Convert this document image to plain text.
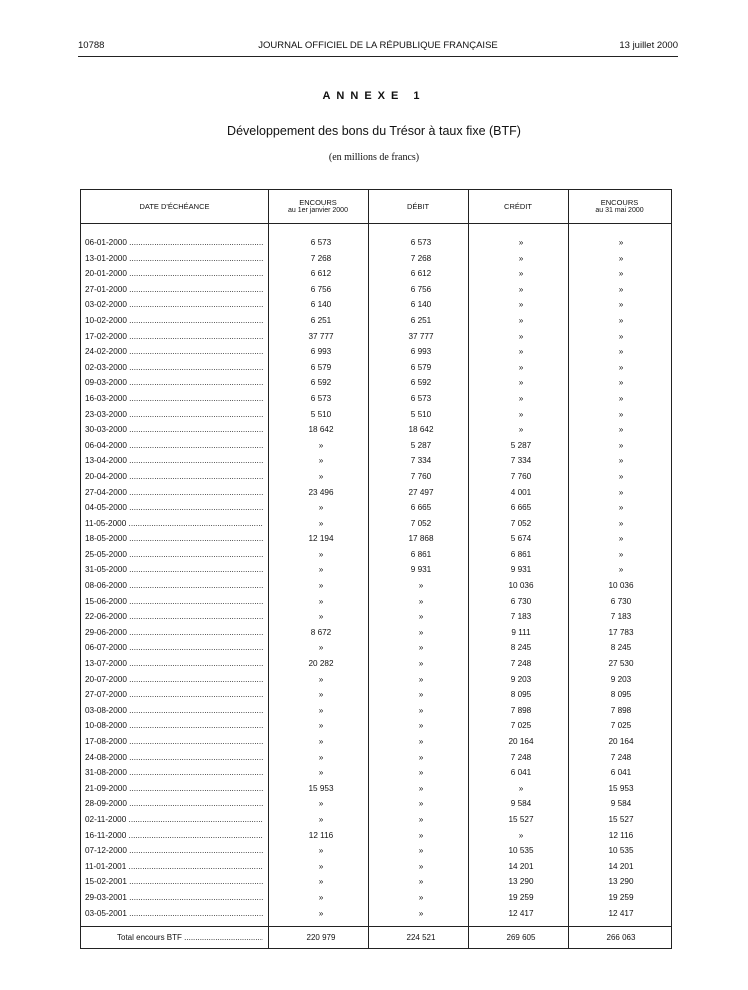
10788	JOURNAL OFFICIEL DE LA RÉPUBLIQUE FRANÇAISE	13 juillet 2000
ANNEXE 1
Développement des bons du Trésor à taux fixe (BTF)
(en millions de francs)
DATE D'ÉCHÉANCE	ENCOURS
au 1er janvier 2000	DÉBIT	CRÉDIT	ENCOURS
au 31 mai 2000
06-01-2000 .....	6 573	6 573	»	»
13-01-2000 .....	7 268	7 268	»	»
20-01-2000 .....	6 612	6 612	»	»
27-01-2000 .....	6 756	6 756	»	»
03-02-2000 .....	6 140	6 140	»	»
10-02-2000 .....	6 251	6 251	»	»
17-02-2000 .....	37 777	37 777	»	»
24-02-2000 .....	6 993	6 993	»	»
02-03-2000 .....	6 579	6 579	»	»
09-03-2000 .....	6 592	6 592	»	»
16-03-2000 .....	6 573	6 573	»	»
23-03-2000 .....	5 510	5 510	»	»
30-03-2000 .....	18 642	18 642	»	»
06-04-2000 .....	»	5 287	5 287	»
13-04-2000 .....	»	7 334	7 334	»
20-04-2000 .....	»	7 760	7 760	»
27-04-2000 .....	23 496	27 497	4 001	»
04-05-2000 .....	»	6 665	6 665	»
11-05-2000 .....	»	7 052	7 052	»
18-05-2000 .....	12 194	17 868	5 674	»
25-05-2000 .....	»	6 861	6 861	»
31-05-2000 .....	»	9 931	9 931	»
08-06-2000 .....	»	»	10 036	10 036
15-06-2000 .....	»	»	6 730	6 730
22-06-2000 .....	»	»	7 183	7 183
29-06-2000 .....	8 672	»	9 111	17 783
06-07-2000 .....	»	»	8 245	8 245
13-07-2000 .....	20 282	»	7 248	27 530
20-07-2000 .....	»	»	9 203	9 203
27-07-2000 .....	»	»	8 095	8 095
03-08-2000 .....	»	»	7 898	7 898
10-08-2000 .....	»	»	7 025	7 025
17-08-2000 .....	»	»	20 164	20 164
24-08-2000 .....	»	»	7 248	7 248
31-08-2000 .....	»	»	6 041	6 041
21-09-2000 .....	15 953	»	»	15 953
28-09-2000 .....	»	»	9 584	9 584
02-11-2000 .....	»	»	15 527	15 527
16-11-2000 .....	12 116	»	»	12 116
07-12-2000 .....	»	»	10 535	10 535
11-01-2001 .....	»	»	14 201	14 201
15-02-2001 .....	»	»	13 290	13 290
29-03-2001 .....	»	»	19 259	19 259
03-05-2001 .....	»	»	12 417	12 417
Total encours BTF .....	220 979	224 521	269 605	266 063
